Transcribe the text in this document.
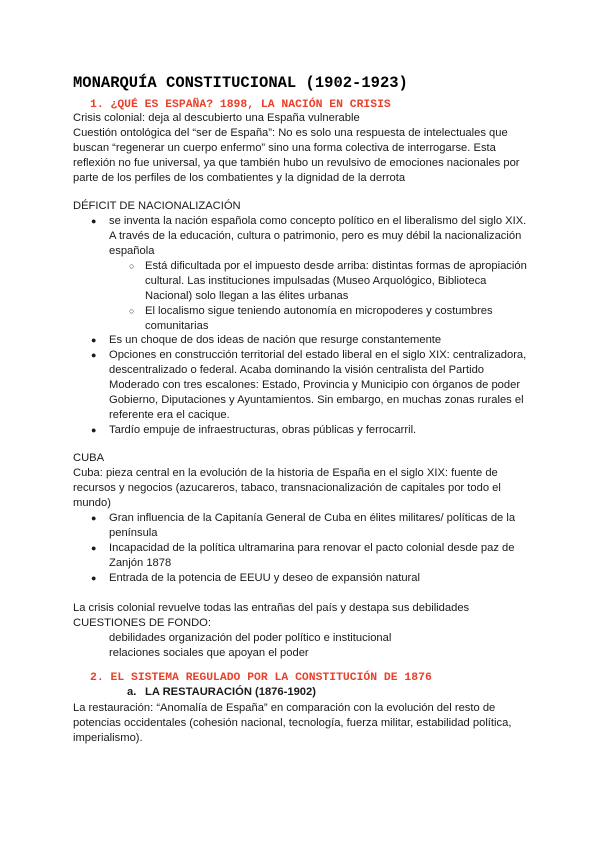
MONARQUÍA CONSTITUCIONAL (1902-1923)
1. ¿QUÉ ES ESPAÑA? 1898, LA NACIÓN EN CRISIS
Crisis colonial: deja al descubierto una España vulnerable
Cuestión ontológica del “ser de España”: No es solo una respuesta de intelectuales que
buscan “regenerar un cuerpo enfermo” sino una forma colectiva de interrogarse. Esta
reflexión no fue universal, ya que también hubo un revulsivo de emociones nacionales por
parte de los perfiles de los combatientes y la dignidad de la derrota
DÉFICIT DE NACIONALIZACIÓN
● se inventa la nación española como concepto político en el liberalismo del siglo XIX.
A través de la educación, cultura o patrimonio, pero es muy débil la nacionalización
española
○ Está dificultada por el impuesto desde arriba: distintas formas de apropiación
cultural. Las instituciones impulsadas (Museo Arquológico, Biblioteca
Nacional) solo llegan a las élites urbanas
○ El localismo sigue teniendo autonomía en micropoderes y costumbres
comunitarias
● Es un choque de dos ideas de nación que resurge constantemente
● Opciones en construcción territorial del estado liberal en el siglo XIX: centralizadora,
descentralizado o federal. Acaba dominando la visión centralista del Partido
Moderado con tres escalones: Estado, Provincia y Municipio con órganos de poder
Gobierno, Diputaciones y Ayuntamientos. Sin embargo, en muchas zonas rurales el
referente era el cacique.
● Tardío empuje de infraestructuras, obras públicas y ferrocarril.
CUBA
Cuba: pieza central en la evolución de la historia de España en el siglo XIX: fuente de
recursos y negocios (azucareros, tabaco, transnacionalización de capitales por todo el
mundo)
● Gran influencia de la Capitanía General de Cuba en élites militares/ políticas de la
península
● Incapacidad de la política ultramarina para renovar el pacto colonial desde paz de
Zanjón 1878
● Entrada de la potencia de EEUU y deseo de expansión natural
La crisis colonial revuelve todas las entrañas del país y destapa sus debilidades
CUESTIONES DE FONDO:
debilidades organización del poder político e institucional
relaciones sociales que apoyan el poder
2. EL SISTEMA REGULADO POR LA CONSTITUCIÓN DE 1876
a. LA RESTAURACIÓN (1876-1902)
La restauración: “Anomalía de España” en comparación con la evolución del resto de
potencias occidentales (cohesión nacional, tecnología, fuerza militar, estabilidad política,
imperialismo).
